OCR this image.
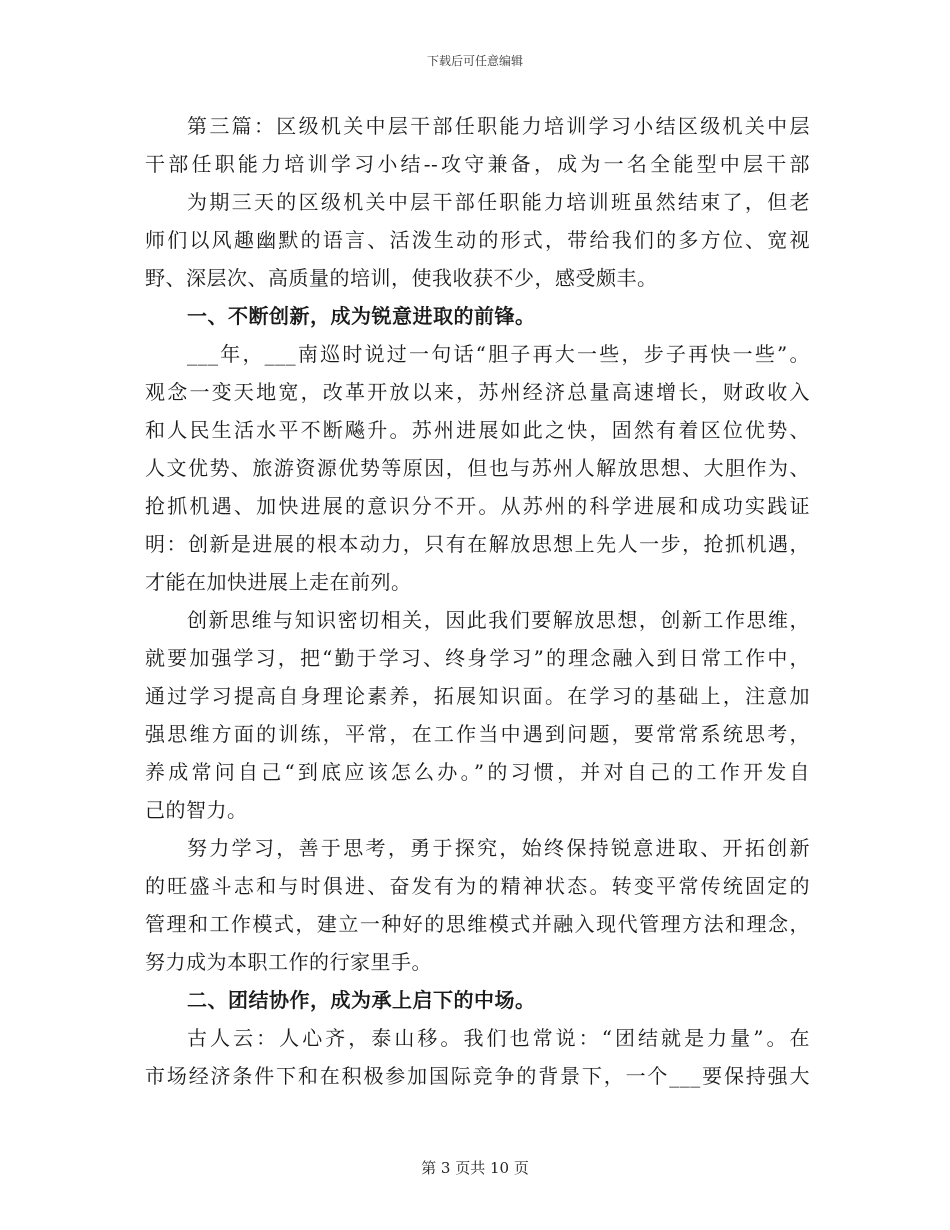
下载后可任意编辑
第三篇：区级机关中层干部任职能力培训学习小结区级机关中层
干部任职能力培训学习小结--攻守兼备，成为一名全能型中层干部
为期三天的区级机关中层干部任职能力培训班虽然结束了，但老
师们以风趣幽默的语言、活泼生动的形式，带给我们的多方位、宽视
野、深层次、高质量的培训，使我收获不少，感受颇丰。
一、不断创新，成为锐意进取的前锋。
___年，___南巡时说过一句话“胆子再大一些，步子再快一些”。
观念一变天地宽，改革开放以来，苏州经济总量高速增长，财政收入
和人民生活水平不断飚升。苏州进展如此之快，固然有着区位优势、
人文优势、旅游资源优势等原因，但也与苏州人解放思想、大胆作为、
抢抓机遇、加快进展的意识分不开。从苏州的科学进展和成功实践证
明：创新是进展的根本动力，只有在解放思想上先人一步，抢抓机遇，
才能在加快进展上走在前列。
创新思维与知识密切相关，因此我们要解放思想，创新工作思维，
就要加强学习，把“勤于学习、终身学习”的理念融入到日常工作中，
通过学习提高自身理论素养，拓展知识面。在学习的基础上，注意加
强思维方面的训练，平常，在工作当中遇到问题，要常常系统思考，
养成常问自己“到底应该怎么办。”的习惯，并对自己的工作开发自
己的智力。
努力学习，善于思考，勇于探究，始终保持锐意进取、开拓创新
的旺盛斗志和与时俱进、奋发有为的精神状态。转变平常传统固定的
管理和工作模式，建立一种好的思维模式并融入现代管理方法和理念，
努力成为本职工作的行家里手。
二、团结协作，成为承上启下的中场。
古人云：人心齐，泰山移。我们也常说：“团结就是力量”。在
市场经济条件下和在积极参加国际竞争的背景下，一个___要保持强大
第 3 页共 10 页
